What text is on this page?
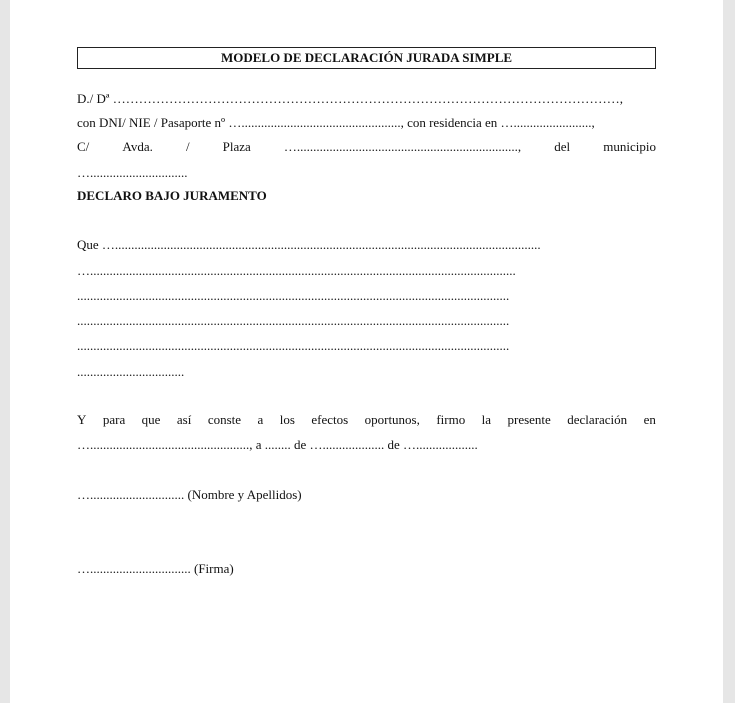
MODELO DE DECLARACIÓN JURADA SIMPLE
D./ Dª ………………………………………………………………………………………………………,
con DNI/ NIE / Pasaporte nº …................................................., con residencia en …........................,
C/	Avda.	/	Plaza	…....................................................................,	del	municipio
…..............................
DECLARO BAJO JURAMENTO
Que …...................................................................................................................................
…...................................................................................................................................
.....................................................................................................................................
.....................................................................................................................................
.....................................................................................................................................
.................................
Y para que así conste a los efectos oportunos, firmo la presente declaración en
…................................................., a ........ de …................... de …...................
…............................. (Nombre y Apellidos)
…............................... (Firma)
